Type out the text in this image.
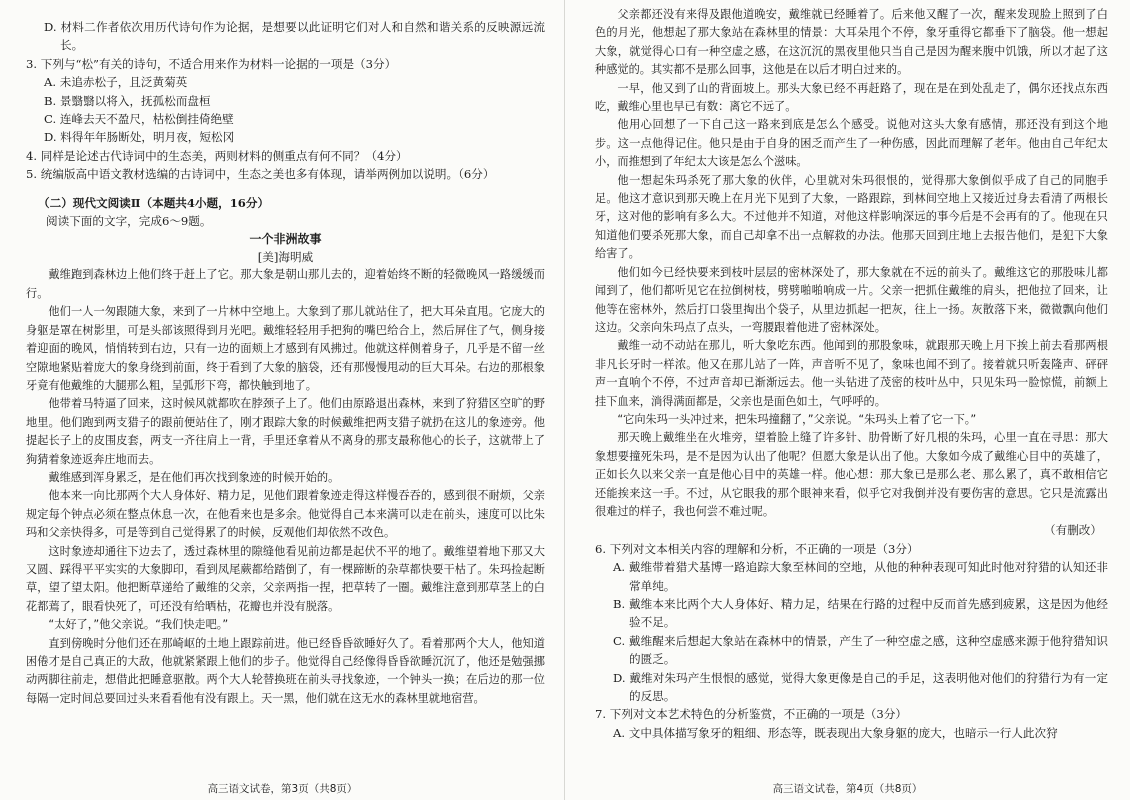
D. 材料二作者依次用历代诗句作为论据，是想要以此证明它们对人和自然和谐关系的反映源远流长。

3. 下列与“松”有关的诗句，不适合用来作为材料一论据的一项是（3分）

A. 未追赤松子，且泛黄菊英

B. 景翳翳以将入，抚孤松而盘桓

C. 连峰去天不盈尺，枯松倒挂倚绝壁

D. 料得年年肠断处，明月夜，短松冈

4. 同样是论述古代诗词中的生态美，两则材料的侧重点有何不同？（4分）

5. 统编版高中语文教材选编的古诗词中，生态之美也多有体现，请举两例加以说明。（6分）

（二）现代文阅读Ⅱ（本题共4小题，16分）

阅读下面的文字，完成6～9题。

一个非洲故事

[美]海明威

戴维跑到森林边上他们终于赶上了它。那大象是朝山那儿去的，迎着始终不断的轻微晚风一路缓缓而行。

他们一人一匆跟随大象，来到了一片林中空地上。大象到了那儿就站住了，把大耳朵直甩。它庞大的身躯是罩在树影里，可是头部该照得到月光吧。戴维轻轻用手把狗的嘴巴给合上，然后屏住了气，侧身接着迎面的晚风，悄悄转到右边，只有一边的面颊上才感到有风拂过。他就这样侧着身子，几乎是不留一丝空隙地紧贴着庞大的象身绕到前面，终于看到了大象的脑袋，还有那慢慢甩动的巨大耳朵。右边的那根象牙竟有他戴维的大腿那么粗，呈弧形下弯，都快触到地了。

他带着马特逼了回来，这时候风就都吹在脖颈子上了。他们由原路退出森林，来到了狩猎区空旷的野地里。他们跑到两支猎子的跟前便站住了，刚才跟踪大象的时候戴维把两支猎子就扔在这儿的象迹旁。他提起长子上的皮围皮套，两支一齐往肩上一背，手里还拿着从不离身的那支最称他心的长子，这就带上了狗猜着象迹返奔庄地而去。

戴维感到浑身累乏，是在他们再次找到象迹的时候开始的。

他本来一向比那两个大人身体好、精力足，见他们跟着象迹走得这样慢吞吞的，感到很不耐烦，父亲规定每个钟点必须在整点休息一次，在他看来也是多余。他觉得自己本来满可以走在前头，速度可以比朱玛和父亲快得多，可是等到自己觉得累了的时候，反观他们却依然不改色。

这时象迹却通往下边去了，透过森林里的隙缝他看见前边都是起伏不平的地了。戴维望着地下那又大又圆、踩得平平实实的大象脚印，看到凤尾蕨都给踏倒了，有一棵蹄断的杂草都快要干枯了。朱玛捡起断草，望了望太阳。他把断草递给了戴维的父亲，父亲两指一捏，把草转了一圈。戴维注意到那草茎上的白花都蔫了，眼看快死了，可还没有给晒枯，花瓣也并没有脱落。

“太好了，”他父亲说。“我们快走吧。”

直到傍晚时分他们还在那崎岖的土地上跟踪前进。他已经昏昏欲睡好久了。看着那两个大人，他知道困倦才是自己真正的大敌，他就紧紧跟上他们的步子。他觉得自己经像得昏昏欲睡沉沉了，他还是勉强挪动两脚往前走，想借此把睡意驱散。两个大人轮替换班在前头寻找象迹，一个钟头一换；在后边的那一位每隔一定时间总要回过头来看看他有没有跟上。天一黑，他们就在这无水的森林里就地宿营。

高三语文试卷，第3页（共8页）

父亲都还没有来得及跟他道晚安，戴维就已经睡着了。后来他又醒了一次，醒来发现脸上照到了白色的月光，他想起了那大象站在森林里的情景：大耳朵甩个不停，象牙重得它都垂下了脑袋。他一想起大象，就觉得心口有一种空虚之感，在这沉沉的黑夜里他只当自己是因为醒来腹中饥饿，所以才起了这种感觉的。其实都不是那么回事，这他是在以后才明白过来的。

一早，他又到了山的背面坡上。那头大象已经不再赶路了，现在是在到处乱走了，偶尔还找点东西吃，戴维心里也早已有数：离它不远了。

他用心回想了一下自己这一路来到底是怎么个感受。说他对这头大象有感情，那还没有到这个地步。这一点他得记住。他只是由于自身的困乏而产生了一种伤感，因此而理解了老年。他由自己年纪太小，而推想到了年纪太大该是怎么个滋味。

他一想起朱玛杀死了那大象的伙伴，心里就对朱玛很恨的，觉得那大象倒似乎成了自己的同胞手足。他这才意识到那天晚上在月光下见到了大象，一路跟踪，到林间空地上又接近过身去看清了两根长牙，这对他的影响有多么大。不过他并不知道，对他这样影响深远的事今后是不会再有的了。他现在只知道他们要杀死那大象，而自己却拿不出一点解救的办法。他那天回到庄地上去报告他们，是犯下大象给害了。

他们如今已经快要来到枝叶层层的密林深处了，那大象就在不远的前头了。戴维这它的那股味儿都闻到了，他们都听见它在拉倒树枝，劈劈啪啪响成一片。父亲一把抓住戴维的肩头，把他拉了回来，让他等在密林外，然后打口袋里掏出个袋子，从里边抓起一把灰，往上一扬。灰散落下来，微微飘向他们这边。父亲向朱玛点了点头，一弯腰跟着他进了密林深处。

戴维一动不动站在那儿，听大象吃东西。他闻到的那股象味，就跟那天晚上月下挨上前去看那两根非凡长牙时一样浓。他又在那儿站了一阵，声音听不见了，象味也闻不到了。接着就只听轰隆声、砰砰声一直响个不停，不过声音却已渐渐远去。他一头钻进了茂密的枝叶丛中，只见朱玛一脸惊慌，前额上挂下血来，淌得满面都是，父亲也是面色如土，气呼呼的。

“它向朱玛一头冲过来，把朱玛撞翻了，”父亲说。“朱玛头上着了它一下。”

那天晚上戴维坐在火堆旁，望着脸上缝了许多针、肋骨断了好几根的朱玛，心里一直在寻思：那大象想要撞死朱玛，是不是因为认出了他呢？但愿大象是认出了他。大象如今成了戴维心目中的英雄了，正如长久以来父亲一直是他心目中的英雄一样。他心想：那大象已是那么老、那么累了，真不敢相信它还能挨来这一手。不过，从它眼我的那个眼神来看，似乎它对我倒并没有要伤害的意思。它只是流露出很难过的样子，我也何尝不难过呢。

（有删改）

6. 下列对文本相关内容的理解和分析，不正确的一项是（3分）

A. 戴维带着猎犬基博一路追踪大象至林间的空地，从他的种种表现可知此时他对狩猎的认知还非常单纯。

B. 戴维本来比两个大人身体好、精力足，结果在行路的过程中反而首先感到疲累，这是因为他经验不足。

C. 戴维醒来后想起大象站在森林中的情景，产生了一种空虚之感，这种空虚感来源于他狩猎知识的匮乏。

D. 戴维对朱玛产生恨恨的感觉，觉得大象更像是自己的手足，这表明他对他们的狩猎行为有一定的反思。

7. 下列对文本艺术特色的分析鉴赏，不正确的一项是（3分）

A. 文中具体描写象牙的粗细、形态等，既表现出大象身躯的庞大，也暗示一行人此次狩

高三语文试卷，第4页（共8页）
